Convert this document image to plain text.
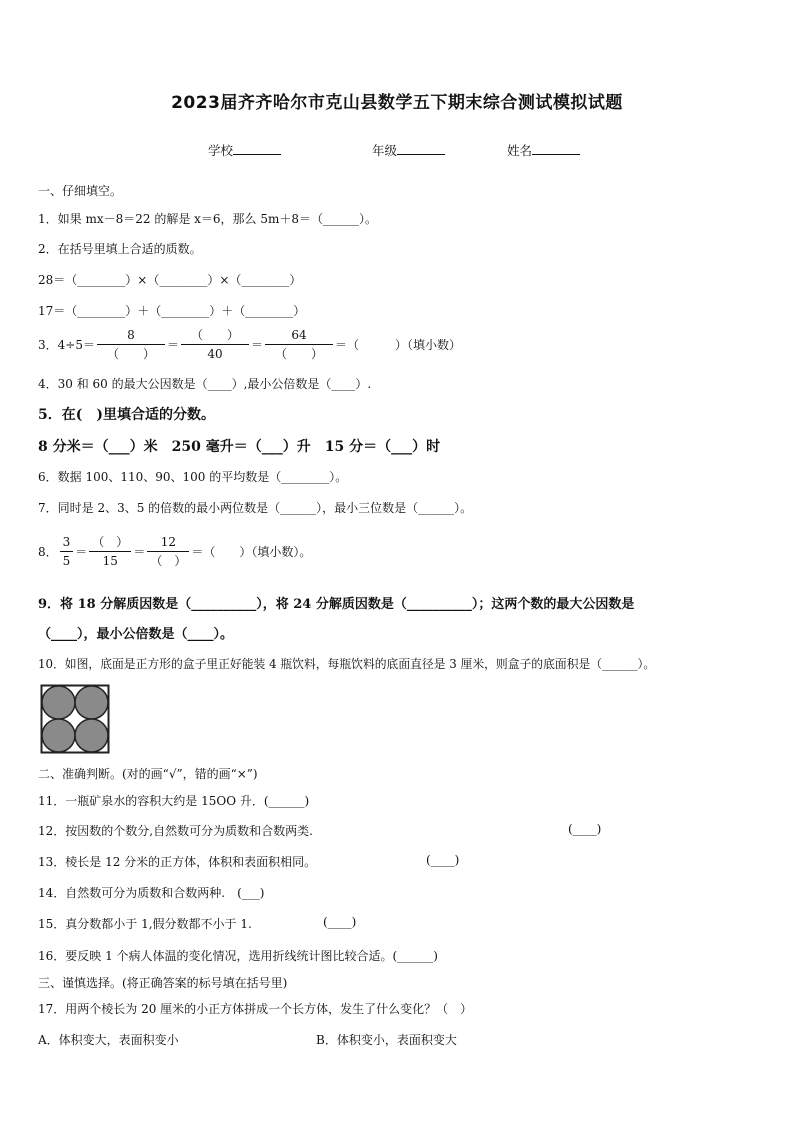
2023届齐齐哈尔市克山县数学五下期末综合测试模拟试题
学校	年级	姓名
一、仔细填空。
1．如果 mx－8＝22 的解是 x＝6，那么 5m＋8＝（______）。
2．在括号里填上合适的质数。
28＝（________）×（________）×（________）
17＝（________）＋（________）＋（________）
3．$4\div 5= \frac{8}{( )} = \frac{( )}{40} = \frac{64}{( )}$ ＝（　　　）（填小数）
4．30 和 60 的最大公因数是（____）,最小公倍数是（____）.
5．在(　)里填合适的分数。
8 分米＝（___）米　250 毫升＝（___）升　15 分＝（___）时
6．数据 100、110、90、100 的平均数是（________）。
7．同时是 2、3、5 的倍数的最小两位数是（______），最小三位数是（______）。
8． $\frac{3}{5} = \frac{( )}{15} = \frac{12}{( )}$ ＝（　　）（填小数）。
9．将 18 分解质因数是（__________），将 24 分解质因数是（__________）；这两个数的最大公因数是
（____），最小公倍数是（____）。
10．如图，底面是正方形的盒子里正好能装 4 瓶饮料，每瓶饮料的底面直径是 3 厘米，则盒子的底面积是（______）。
二、准确判断。(对的画“√”，错的画“×”)
11．一瓶矿泉水的容积大约是 15OO 升．(______)
12．按因数的个数分,自然数可分为质数和合数两类.	(____)
13．棱长是 12 分米的正方体，体积和表面积相同。	(____)
14．自然数可分为质数和合数两种.　(___)
15．真分数都小于 1,假分数都不小于 1.	(____)
16．要反映 1 个病人体温的变化情况，选用折线统计图比较合适。(______)
三、谨慎选择。(将正确答案的标号填在括号里)
17．用两个棱长为 20 厘米的小正方体拼成一个长方体，发生了什么变化？（　）
A．体积变大，表面积变小	B．体积变小，表面积变大
